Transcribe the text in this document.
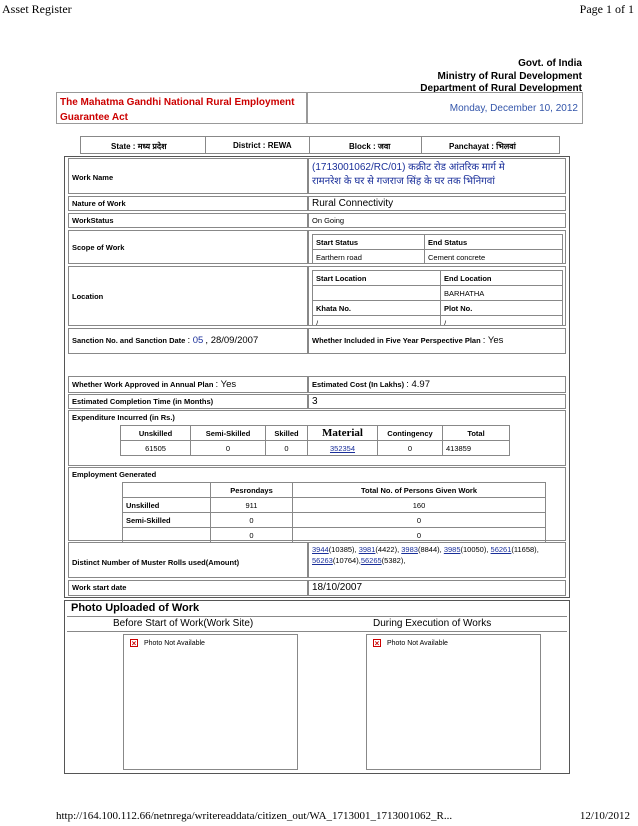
Asset Register	Page 1 of 1
Govt. of India
Ministry of Rural Development
Department of Rural Development
The Mahatma Gandhi National Rural Employment
Guarantee Act
Monday, December 10, 2012
State : मध्य प्रदेश	District : REWA	Block : जवा	Panchayat : भिलवां
Work Name
(1713001062/RC/01) कक्रीट रोड आंतरिक मार्ग मे
रामनरेश के घर से गजराज सिंह के घर तक भिनिगवां
Nature of Work	Rural Connectivity
WorkStatus	On Going
Scope of Work
Start Status	End Status
Earthern road	Cement concrete
Location
Start Location	End Location
	BARHATHA
Khata No.	Plot No.
/	/
Sanction No. and Sanction Date : 05 , 28/09/2007	Whether Included in Five Year Perspective Plan : Yes
Whether Work Approved in Annual Plan : Yes	Estimated Cost (In Lakhs) : 4.97
Estimated Completion Time (in Months)	3
Expenditure Incurred (in Rs.)
Unskilled	Semi-Skilled	Skilled	Material	Contingency	Total
61505	0	0	352354	0	413859
Employment Generated
	Pesrondays	Total No. of Persons Given Work
Unskilled	911	160
Semi-Skilled	0	0
	0	0
Distinct Number of Muster Rolls used(Amount)
3944(10385), 3981(4422), 3983(8844), 3985(10050), 56261(11658), 56263(10764),56265(5382),
Work start date	18/10/2007
Photo Uploaded of Work
Before Start of Work(Work Site)	During Execution of Works
× Photo Not Available	× Photo Not Available
http://164.100.112.66/netnrega/writereaddata/citizen_out/WA_1713001_1713001062_R...	12/10/2012
